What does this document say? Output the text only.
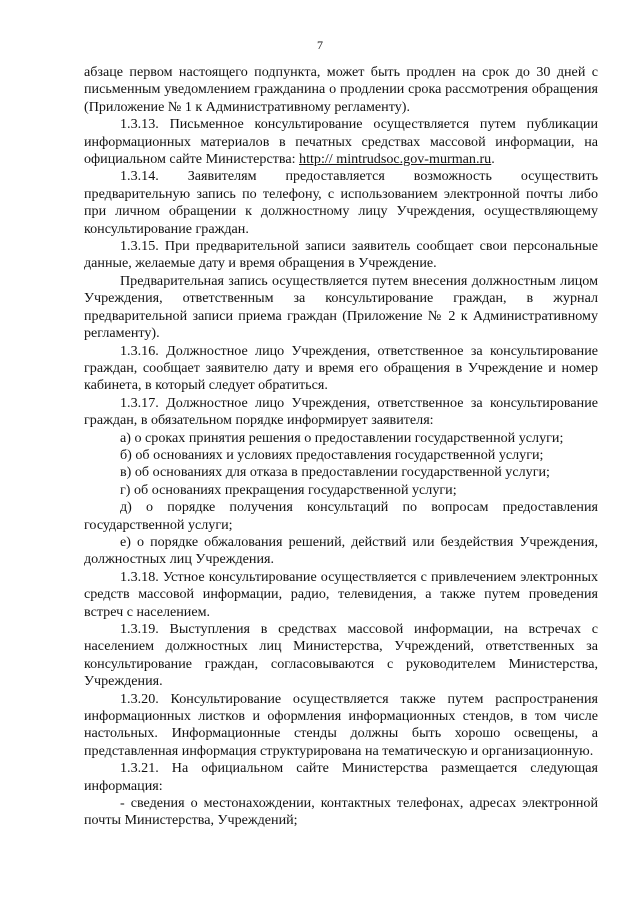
7

абзаце первом настоящего подпункта, может быть продлен на срок до 30 дней с письменным уведомлением гражданина о продлении срока рассмотрения обращения (Приложение № 1 к Административному регламенту).

1.3.13. Письменное консультирование осуществляется путем публикации информационных материалов в печатных средствах массовой информации, на официальном сайте Министерства: http:// mintrudsoc.gov-murman.ru.

1.3.14. Заявителям предоставляется возможность осуществить предварительную запись по телефону, с использованием электронной почты либо при личном обращении к должностному лицу Учреждения, осуществляющему консультирование граждан.

1.3.15. При предварительной записи заявитель сообщает свои персональные данные, желаемые дату и время обращения в Учреждение.

Предварительная запись осуществляется путем внесения должностным лицом Учреждения, ответственным за консультирование граждан, в журнал предварительной записи приема граждан (Приложение № 2 к Административному регламенту).

1.3.16. Должностное лицо Учреждения, ответственное за консультирование граждан, сообщает заявителю дату и время его обращения в Учреждение и номер кабинета, в который следует обратиться.

1.3.17. Должностное лицо Учреждения, ответственное за консультирование граждан, в обязательном порядке информирует заявителя:

а) о сроках принятия решения о предоставлении государственной услуги;

б) об основаниях и условиях предоставления государственной услуги;

в) об основаниях для отказа в предоставлении государственной услуги;

г) об основаниях прекращения государственной услуги;

д) о порядке получения консультаций по вопросам предоставления государственной услуги;

е) о порядке обжалования решений, действий или бездействия Учреждения, должностных лиц Учреждения.

1.3.18. Устное консультирование осуществляется с привлечением электронных средств массовой информации, радио, телевидения, а также путем проведения встреч с населением.

1.3.19. Выступления в средствах массовой информации, на встречах с населением должностных лиц Министерства, Учреждений, ответственных за консультирование граждан, согласовываются с руководителем Министерства, Учреждения.

1.3.20. Консультирование осуществляется также путем распространения информационных листков и оформления информационных стендов, в том числе настольных. Информационные стенды должны быть хорошо освещены, а представленная информация структурирована на тематическую и организационную.

1.3.21. На официальном сайте Министерства размещается следующая информация:

- сведения о местонахождении, контактных телефонах, адресах электронной почты Министерства, Учреждений;
